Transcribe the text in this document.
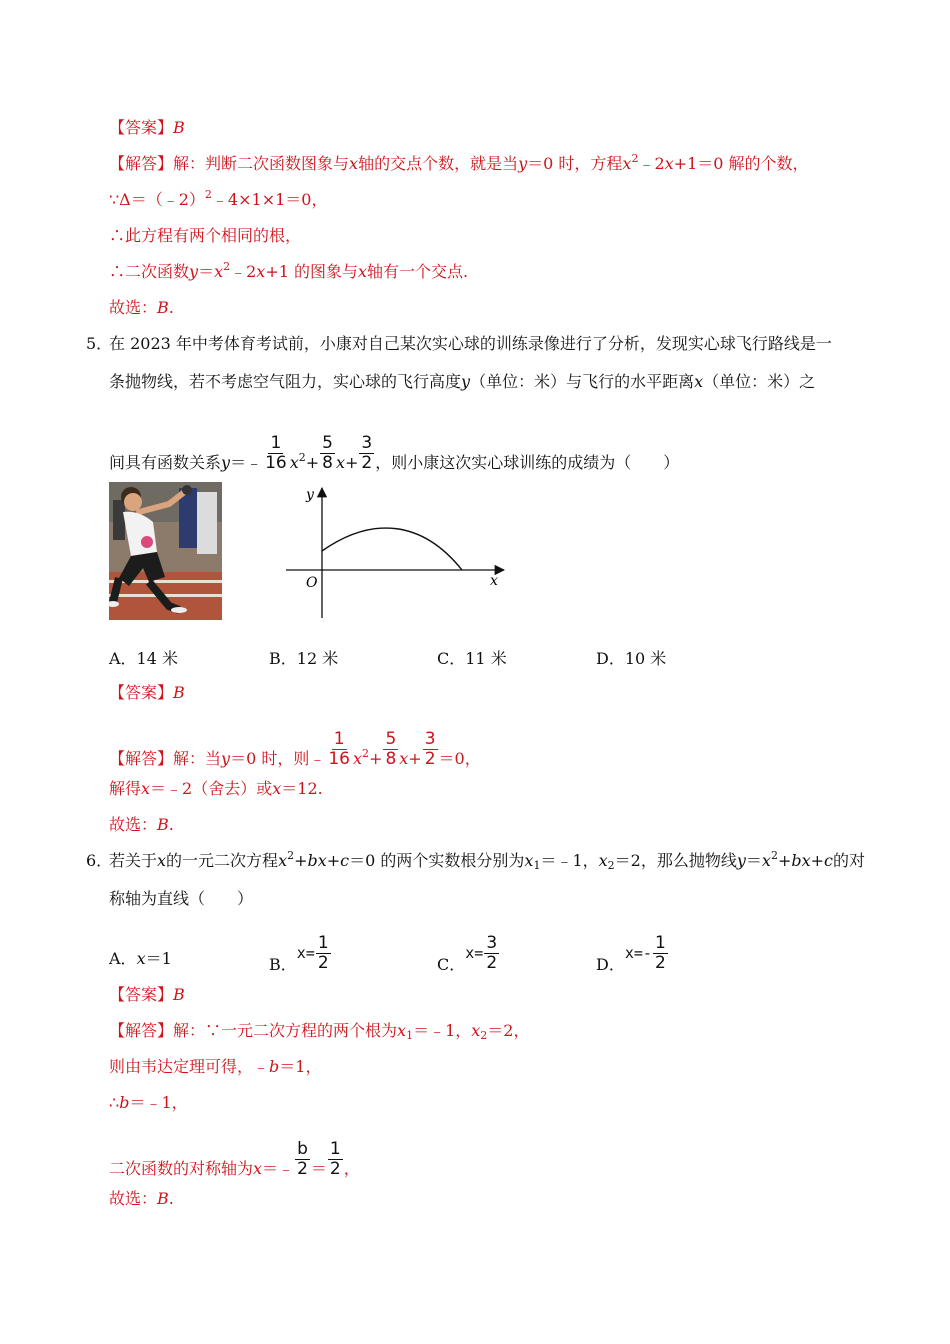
【答案】B
【解答】解：判断二次函数图象与x轴的交点个数，就是当y＝0 时，方程$x^2﹣2x+1=0$ 解的个数，
∵Δ＝（﹣2）$^2$﹣4×1×1＝0，
∴此方程有两个相同的根，
∴二次函数$y=x^2﹣2x+1$ 的图象与x轴有一个交点.
故选：B.
5．
在 2023 年中考体育考试前，小康对自己某次实心球的训练录像进行了分析，发现实心球飞行路线是一
条抛物线，若不考虑空气阻力，实心球的飞行高度y（单位：米）与飞行的水平距离x（单位：米）之
间具有函数关系y＝﹣ $\frac{1}{16} x^2+ \frac{5}{8} x+ \frac{3}{2}$ ，则小康这次实心球训练的成绩为（　　）
y
x
O
A．14 米	B．12 米	C．11 米	D．10 米
【答案】B
【解答】解：当y＝0 时，则﹣ $\frac{1}{16} x^2+ \frac{5}{8} x+ \frac{3}{2} =0$，
解得x＝﹣2（舍去）或x＝12.
故选：B.
6．
若关于x的一元二次方程$x^2+bx+c=0$ 的两个实数根分别为$x_1=﹣1$，$x_2=2$，那么抛物线$y=x^2+bx+c$的对
称轴为直线（　　）
A．x＝1	B．$x= \frac{1}{2}$	C．$x= \frac{3}{2}$	D．$x=- \frac{1}{2}$
【答案】B
【解答】解：∵一元二次方程的两个根为$x_1=﹣1$，$x_2=2$，
则由韦达定理可得，﹣b＝1，
∴b＝﹣1，
二次函数的对称轴为x＝﹣ $\frac{b}{2} = \frac{1}{2}$ ，
故选：B.
